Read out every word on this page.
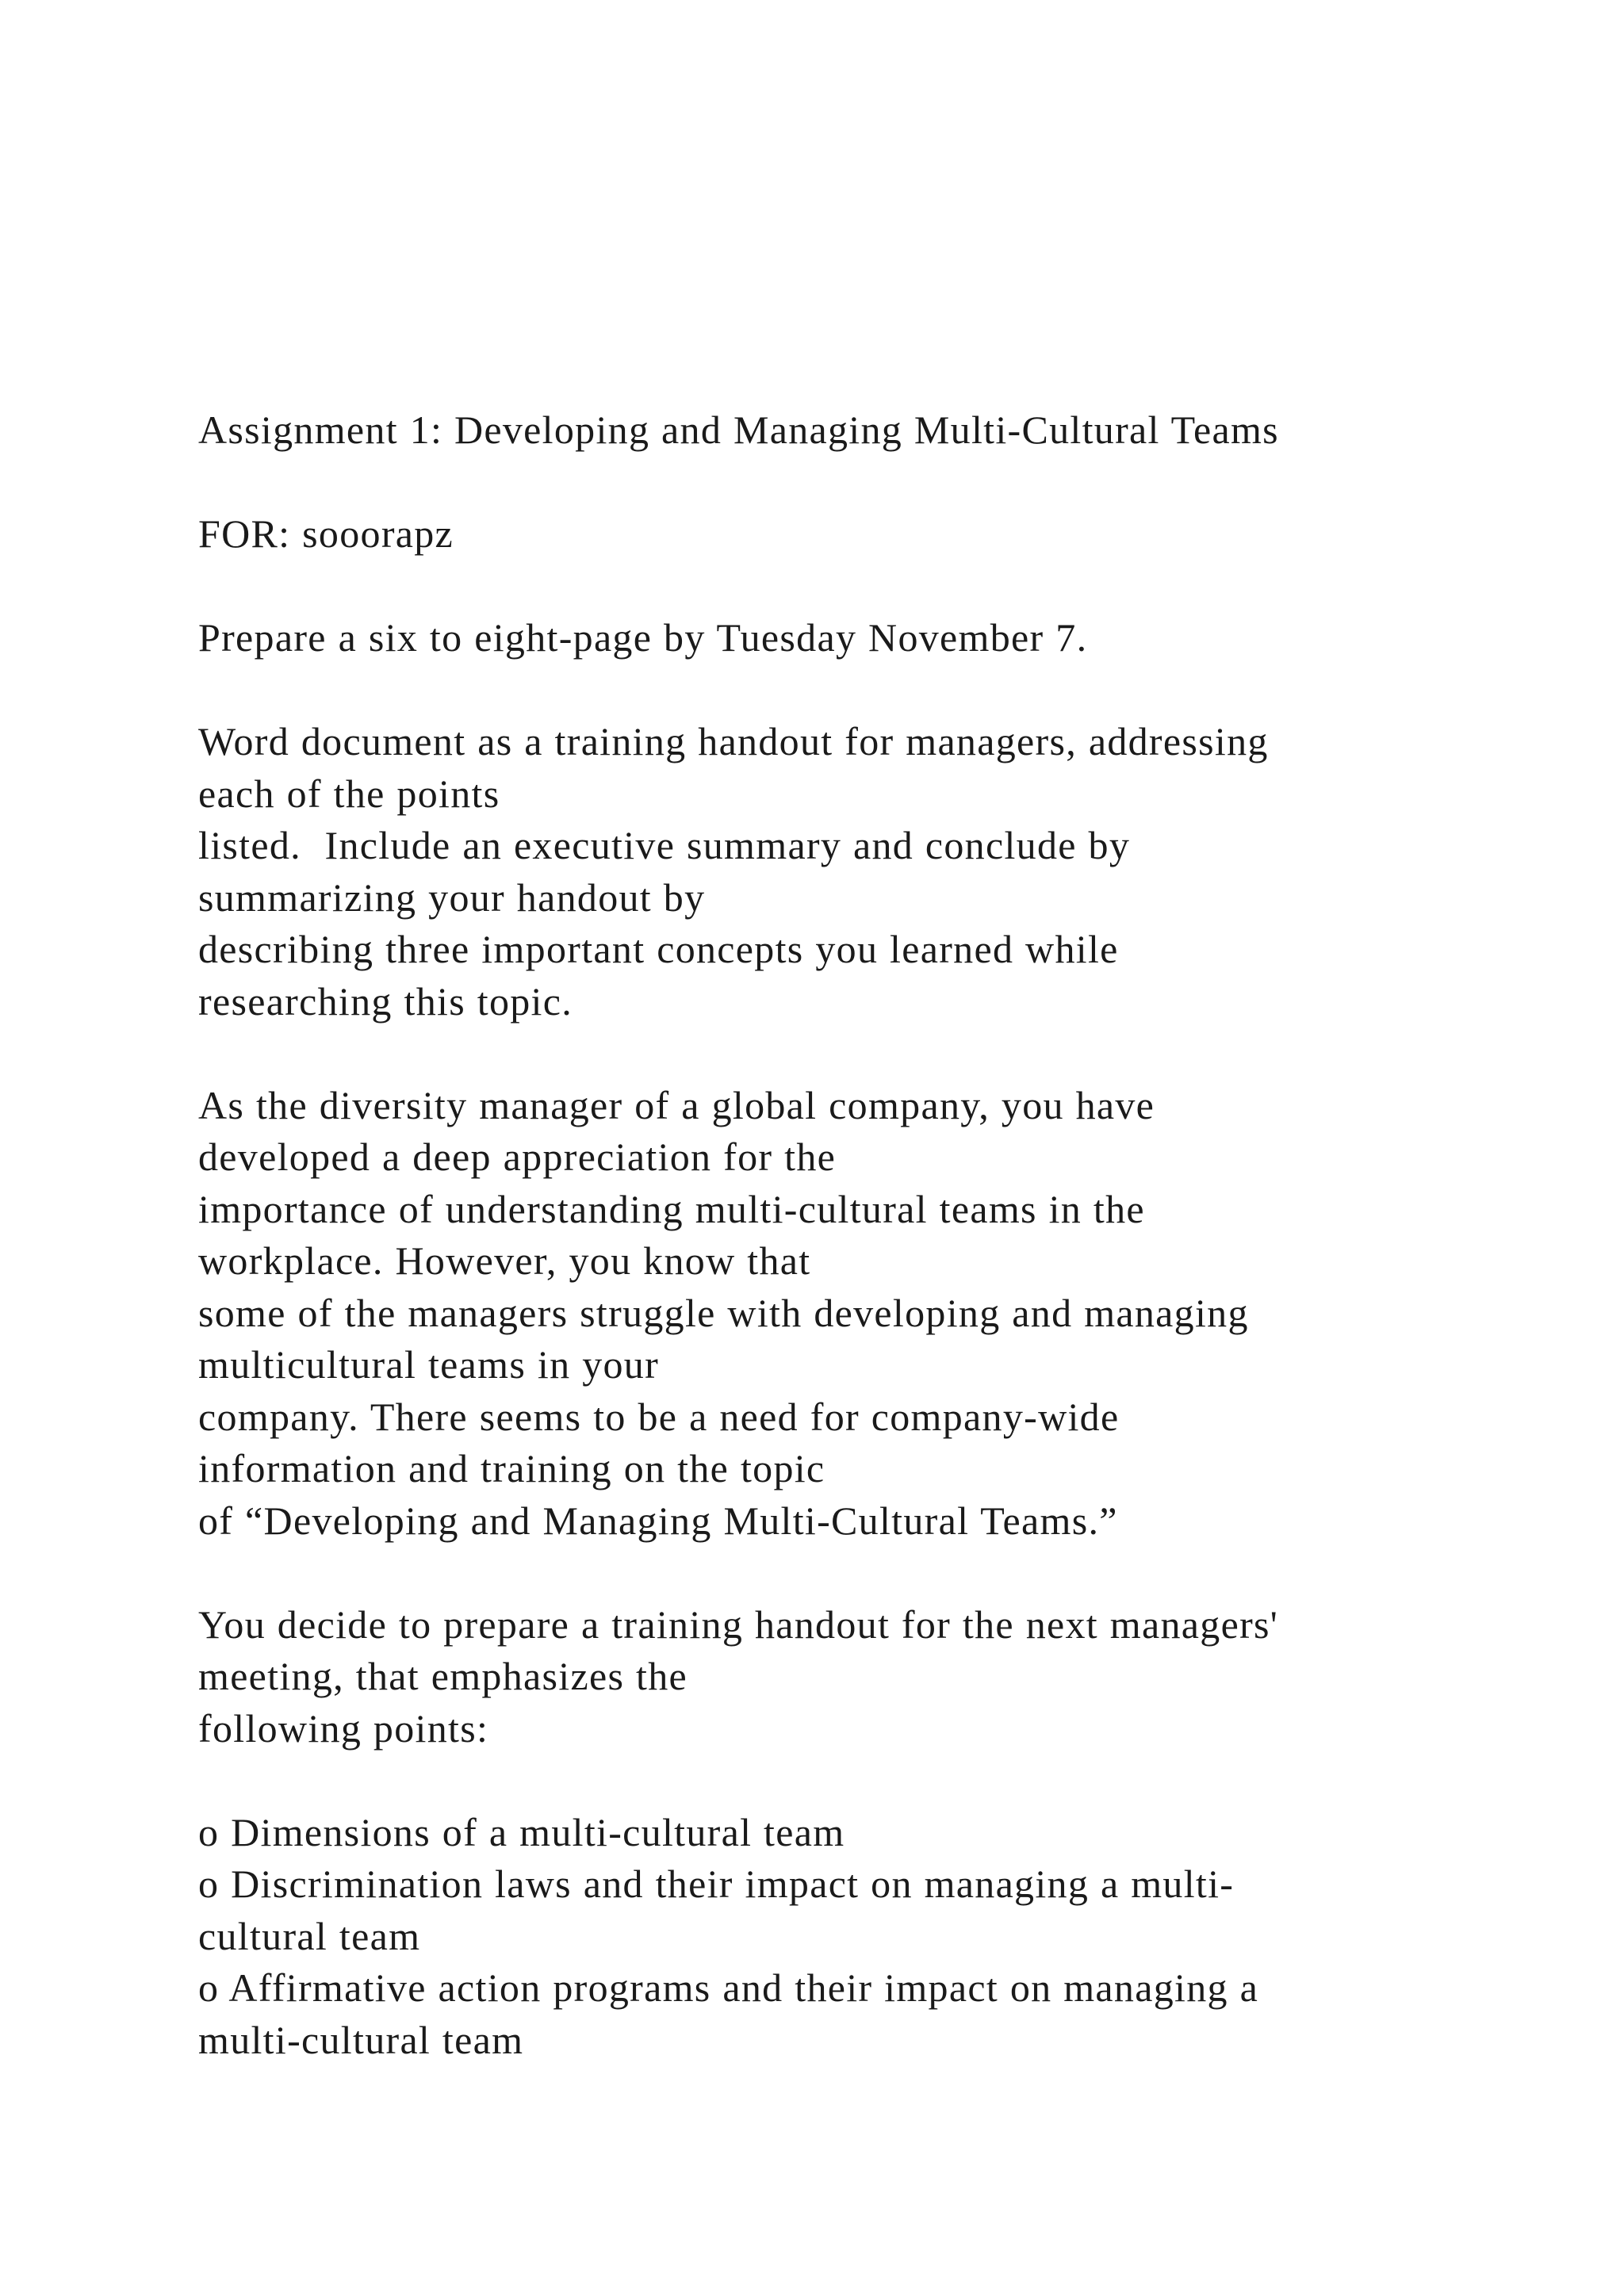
Assignment 1: Developing and Managing Multi-Cultural Teams
FOR: sooorapz
Prepare a six to eight-page by Tuesday November 7.
Word document as a training handout for managers, addressing
each of the points
listed.  Include an executive summary and conclude by
summarizing your handout by
describing three important concepts you learned while
researching this topic.
As the diversity manager of a global company, you have
developed a deep appreciation for the
importance of understanding multi-cultural teams in the
workplace. However, you know that
some of the managers struggle with developing and managing
multicultural teams in your
company. There seems to be a need for company-wide
information and training on the topic
of “Developing and Managing Multi-Cultural Teams.”
You decide to prepare a training handout for the next managers'
meeting, that emphasizes the
following points:
o Dimensions of a multi-cultural team
o Discrimination laws and their impact on managing a multi-
cultural team
o Affirmative action programs and their impact on managing a
multi-cultural team
